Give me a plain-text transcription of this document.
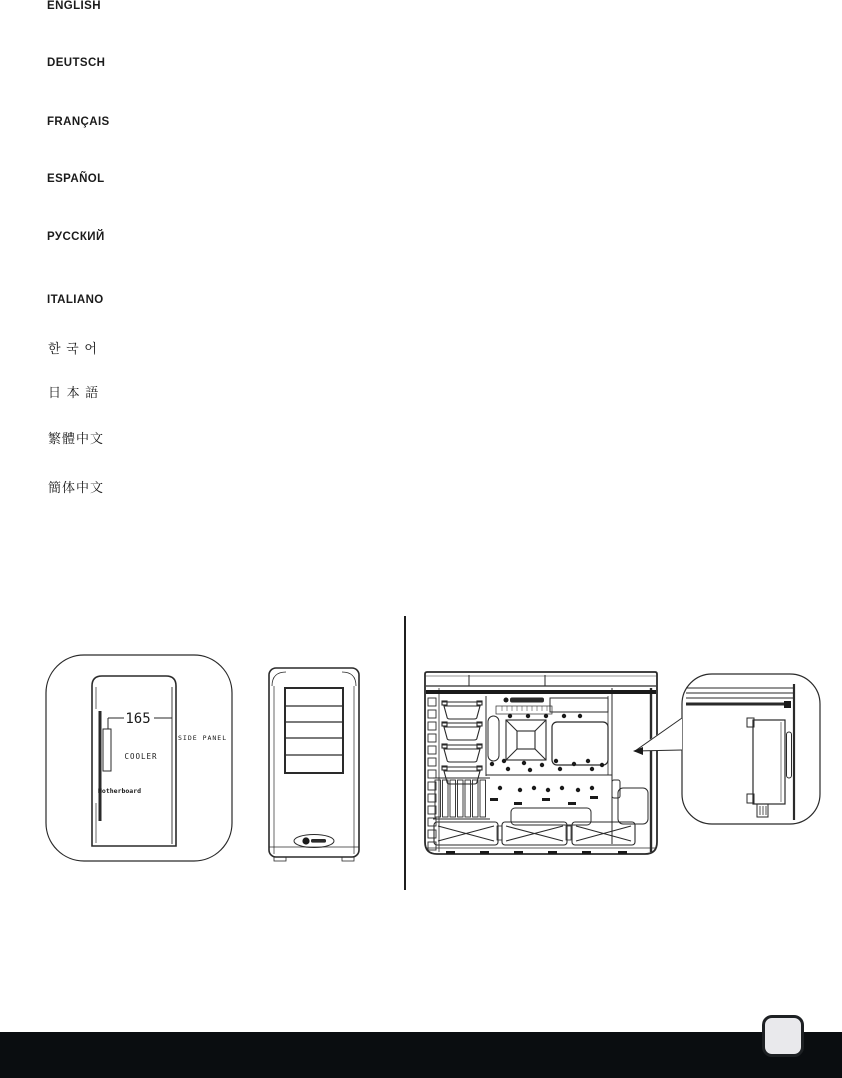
ENGLISH
DEUTSCH
FRANÇAIS
ESPAÑOL
РУССКИЙ
ITALIANO
한 국 어
日 本 語
繁體中文
簡体中文
165
COOLER
SIDE PANEL
Motherboard
